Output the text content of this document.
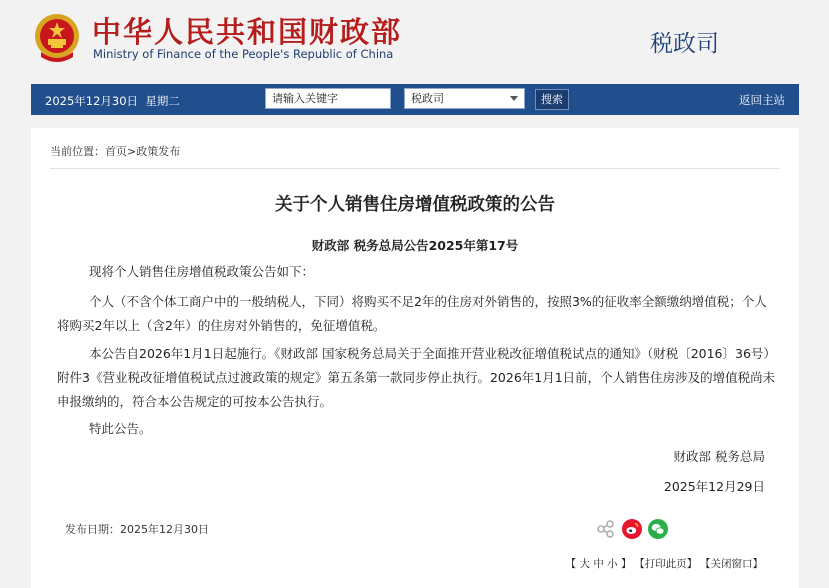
中华人民共和国财政部
Ministry of Finance of the People's Republic of China	税政司
2025年12月30日 星期二	请输入关键字	税政司	搜索	返回主站
当前位置：首页>政策发布
关于个人销售住房增值税政策的公告
财政部 税务总局公告2025年第17号
现将个人销售住房增值税政策公告如下：
个人（不含个体工商户中的一般纳税人，下同）将购买不足2年的住房对外销售的，按照3%的征收率全额缴纳增值税；个人将购买2年以上（含2年）的住房对外销售的，免征增值税。
本公告自2026年1月1日起施行。《财政部 国家税务总局关于全面推开营业税改征增值税试点的通知》（财税〔2016〕36号）附件3《营业税改征增值税试点过渡政策的规定》第五条第一款同步停止执行。2026年1月1日前，个人销售住房涉及的增值税尚未申报缴纳的，符合本公告规定的可按本公告执行。
特此公告。
财政部 税务总局
2025年12月29日
发布日期：2025年12月30日
【 大 中 小 】 【打印此页】 【关闭窗口】
